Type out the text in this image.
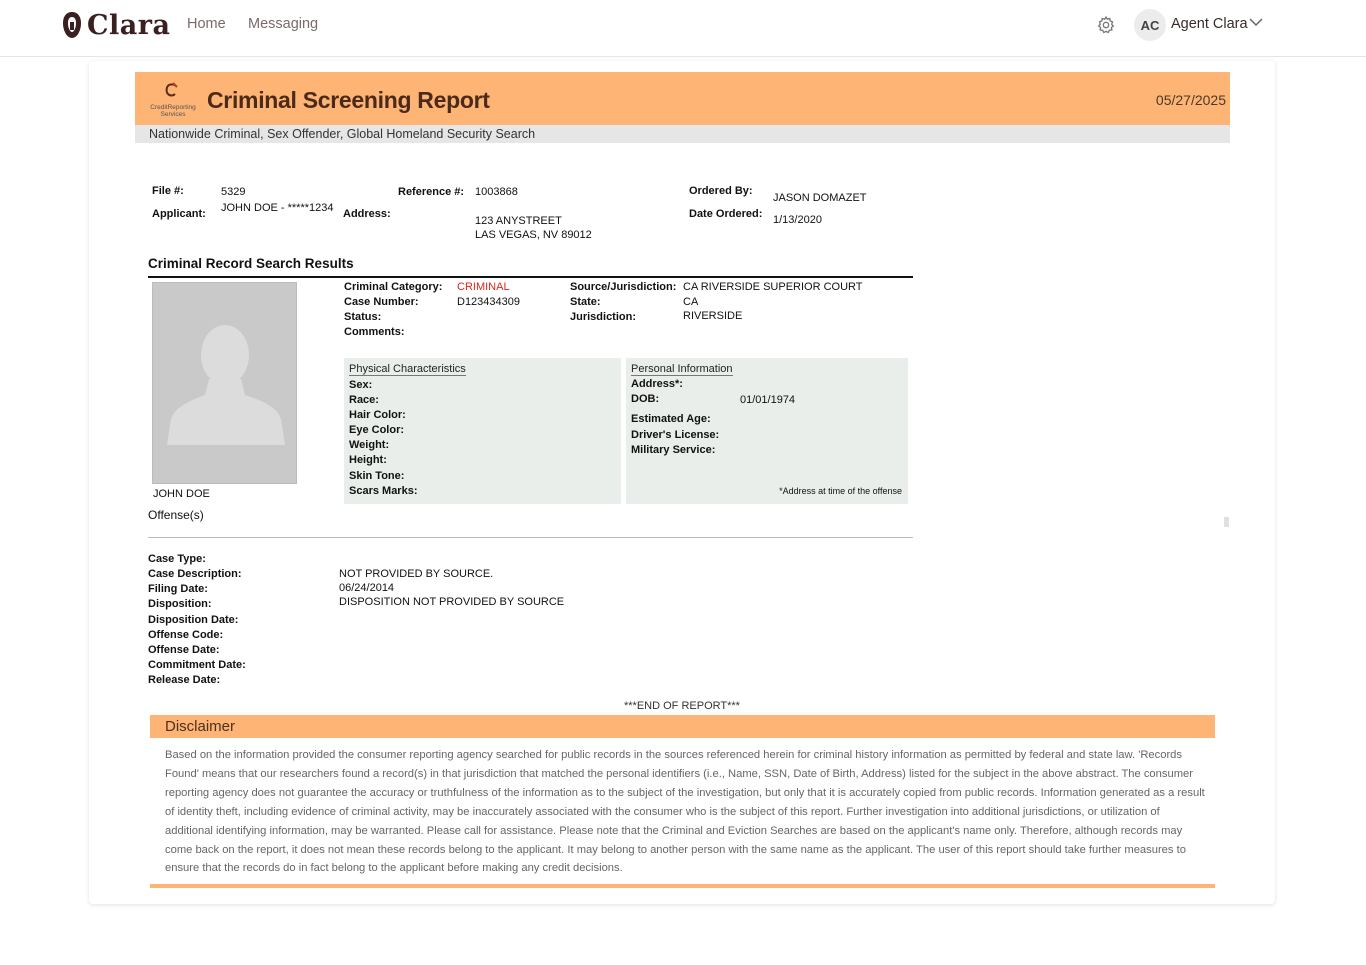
Clara Home Messaging	AC Agent Clara
CreditReporting Services
Criminal Screening Report	05/27/2025
Nationwide Criminal, Sex Offender, Global Homeland Security Search
File #:	5329
Applicant: JOHN DOE - *****1234
Reference #: 1003868
Address:
123 ANYSTREET
LAS VEGAS, NV 89012
Ordered By:
JASON DOMAZET
Date Ordered: 1/13/2020
Criminal Record Search Results
JOHN DOE
Offense(s)
Criminal Category: CRIMINAL
Case Number:	D123434309
Status:
Comments:
Source/Jurisdiction: CA RIVERSIDE SUPERIOR COURT
State:	CA
Jurisdiction:	RIVERSIDE
Physical Characteristics
Sex:
Race:
Hair Color:
Eye Color:
Weight:
Height:
Skin Tone:
Scars Marks:
Personal Information
Address*:
DOB:	01/01/1974
Estimated Age:
Driver's License:
Military Service:
*Address at time of the offense
Case Type:
Case Description:	NOT PROVIDED BY SOURCE.
Filing Date:	06/24/2014
Disposition:	DISPOSITION NOT PROVIDED BY SOURCE
Disposition Date:
Offense Code:
Offense Date:
Commitment Date:
Release Date:
***END OF REPORT***
Disclaimer
Based on the information provided the consumer reporting agency searched for public records in the sources referenced herein for criminal history information as permitted by federal and state law. 'Records Found' means that our researchers found a record(s) in that jurisdiction that matched the personal identifiers (i.e., Name, SSN, Date of Birth, Address) listed for the subject in the above abstract. The consumer reporting agency does not guarantee the accuracy or truthfulness of the information as to the subject of the investigation, but only that it is accurately copied from public records. Information generated as a result of identity theft, including evidence of criminal activity, may be inaccurately associated with the consumer who is the subject of this report. Further investigation into additional jurisdictions, or utilization of additional identifying information, may be warranted. Please call for assistance. Please note that the Criminal and Eviction Searches are based on the applicant's name only. Therefore, although records may come back on the report, it does not mean these records belong to the applicant. It may belong to another person with the same name as the applicant. The user of this report should take further measures to ensure that the records do in fact belong to the applicant before making any credit decisions.
